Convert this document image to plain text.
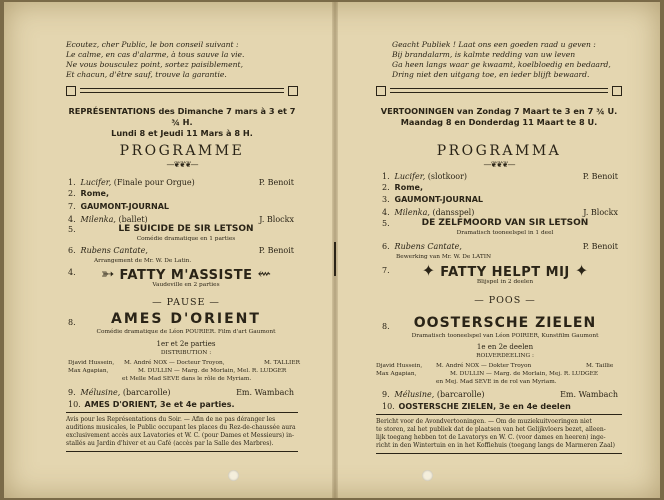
Ecoutez, cher Public, le bon conseil suivant :
Le calme, en cas d'alarme, à tous sauve la vie.
Ne vous bousculez point, sortez paisiblement,
Et chacun, d'être sauf, trouve la garantie.
REPRÉSENTATIONS des Dimanche 7 mars à 3 et 7 ¾ H.
Lundi 8 et Jeudi 11 Mars à 8 H.
PROGRAMME
—❦❦❦—
1. Lucifer, (Finale pour Orgue)	P. Benoit
2. Rome,
7. GAUMONT-JOURNAL
4. Milenka, (ballet)	J. Blockx
5.	LE SUICIDE DE SIR LETSON
Comédie dramatique en 1 parties
6. Rubens Cantate,	P. Benoit
Arrangement de Mr. W. De Latin.
4.	➳ FATTY M'ASSISTE ⇜
Vaudeville en 2 parties
— PAUSE —
8.	AMES D'ORIENT
Comédie dramatique de Léon POURIER. Film d'art Gaumont
1er et 2e parties
DISTRIBUTION :
Djavid Hussein, M. André NOX — Docteur Troyon,	M. TALLIER
Max Agapian,	M. DULLIN — Marg. de Morlain, Mel. R. LUDGER
et Melle Mad SEVE dans le rôle de Myriam.
9. Mélusine, (barcarolle)	Em. Wambach
10. AMES D'ORIENT, 3e et 4e parties.
Avis pour les Représentations du Soir. — Afin de ne pas déranger les
auditions musicales, le Public occupant les places du Rez-de-chaussée aura
exclusivement accès aux Lavatories et W. C. (pour Dames et Messieurs) in-
stallés au Jardin d'hiver et au Café (accès par la Salle des Marbres).
Geacht Publiek ! Laat ons een goeden raad u geven :
Bij brandalarm, is kalmte redding van uw leven
Ga heen langs waar ge kwaamt, koelbloedig en bedaard,
Dring niet den uitgang toe, en ieder blijft bewaard.
VERTOONINGEN van Zondag 7 Maart te 3 en 7 ¾ U.
Maandag 8 en Donderdag 11 Maart te 8 U.
PROGRAMMA
—❦❦❦—
1. Lucifer, (slotkoor)	P. Benoit
2. Rome,
3. GAUMONT-JOURNAL
4. Milenka, (dansspel)	J. Blockx
5.	DE ZELFMOORD VAN SIR LETSON
Dramatisch tooneelspel in 1 deel
6. Rubens Cantate,	P. Benoit
Bewerking van Mr. W. De LATIN
7.	✦ FATTY HELPT MIJ ✦
Blijspel in 2 deelen
— POOS —
8.	OOSTERSCHE ZIELEN
Dramatisch tooneelspel van Léon POIRIER, Kunstfilm Gaumont
1e en 2e deelen
ROLVERDEELING :
Djavid Hussein, M. André NOX — Dokter Troyon	M. Taillie
Max Agapian,	M. DULLIN — Marg. de Morlain, Mej. R. LUDGEE
en Mej. Mad SEVE in de rol van Myriam.
9. Mélusine, (barcarolle)	Em. Wambach
10. OOSTERSCHE ZIELEN, 3e en 4e deelen
Bericht voor de Avondvertooningen. — Om de muziekuitvoeringen niet
te storen, zal het publiek dat de plaatsen van het Gelijkvloers bezet, alleen-
lijk toegang hebben tot de Lavatorys en W. C. (voor dames en heeren) inge-
richt in den Wintertuin en in het Koffiehuis (toegang langs de Marmeren Zaal)
